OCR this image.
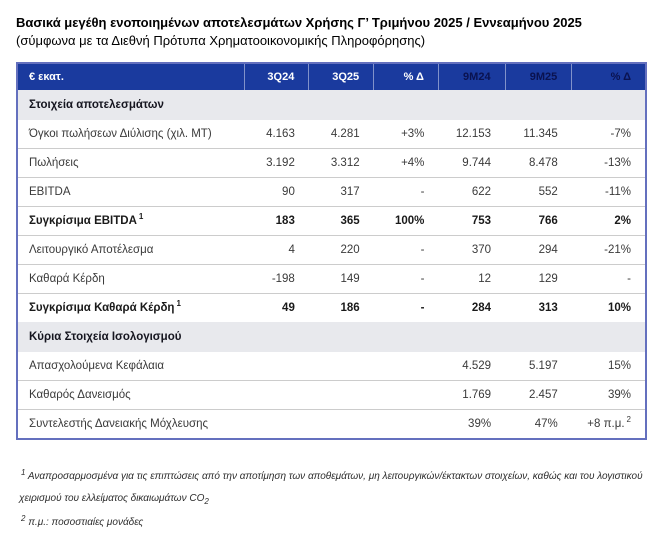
Βασικά μεγέθη ενοποιημένων αποτελεσμάτων Χρήσης Γ’ Τριμήνου 2025 / Εννεαμήνου 2025
(σύμφωνα με τα Διεθνή Πρότυπα Χρηματοοικονομικής Πληροφόρησης)
€ εκατ.	3Q24	3Q25	% Δ	9M24	9M25	% Δ
Στοιχεία αποτελεσμάτων						
Όγκοι πωλήσεων Διύλισης (χιλ. ΜΤ)	4.163	4.281	+3%	12.153	11.345	-7%
Πωλήσεις	3.192	3.312	+4%	9.744	8.478	-13%
EBITDA	90	317	-	622	552	-11%
Συγκρίσιμα EBITDA $^1$	183	365	100%	753	766	2%
Λειτουργικό Αποτέλεσμα	4	220	-	370	294	-21%
Καθαρά Κέρδη	-198	149	-	12	129	-
Συγκρίσιμα Καθαρά Κέρδη $^1$	49	186	-	284	313	10%
Κύρια Στοιχεία Ισολογισμού						
Απασχολούμενα Κεφάλαια				4.529	5.197	15%
Καθαρός Δανεισμός				1.769	2.457	39%
Συντελεστής Δανειακής Μόχλευσης				39%	47%	+8 π.μ. $^2$
$^1$ Αναπροσαρμοσμένα για τις επιπτώσεις από την αποτίμηση των αποθεμάτων, μη λειτουργικών/έκτακτων στοιχείων, καθώς και του λογιστικού χειρισμού του ελλείματος δικαιωμάτων $CO_2$
$^2$ π.μ.: ποσοστιαίες μονάδες
